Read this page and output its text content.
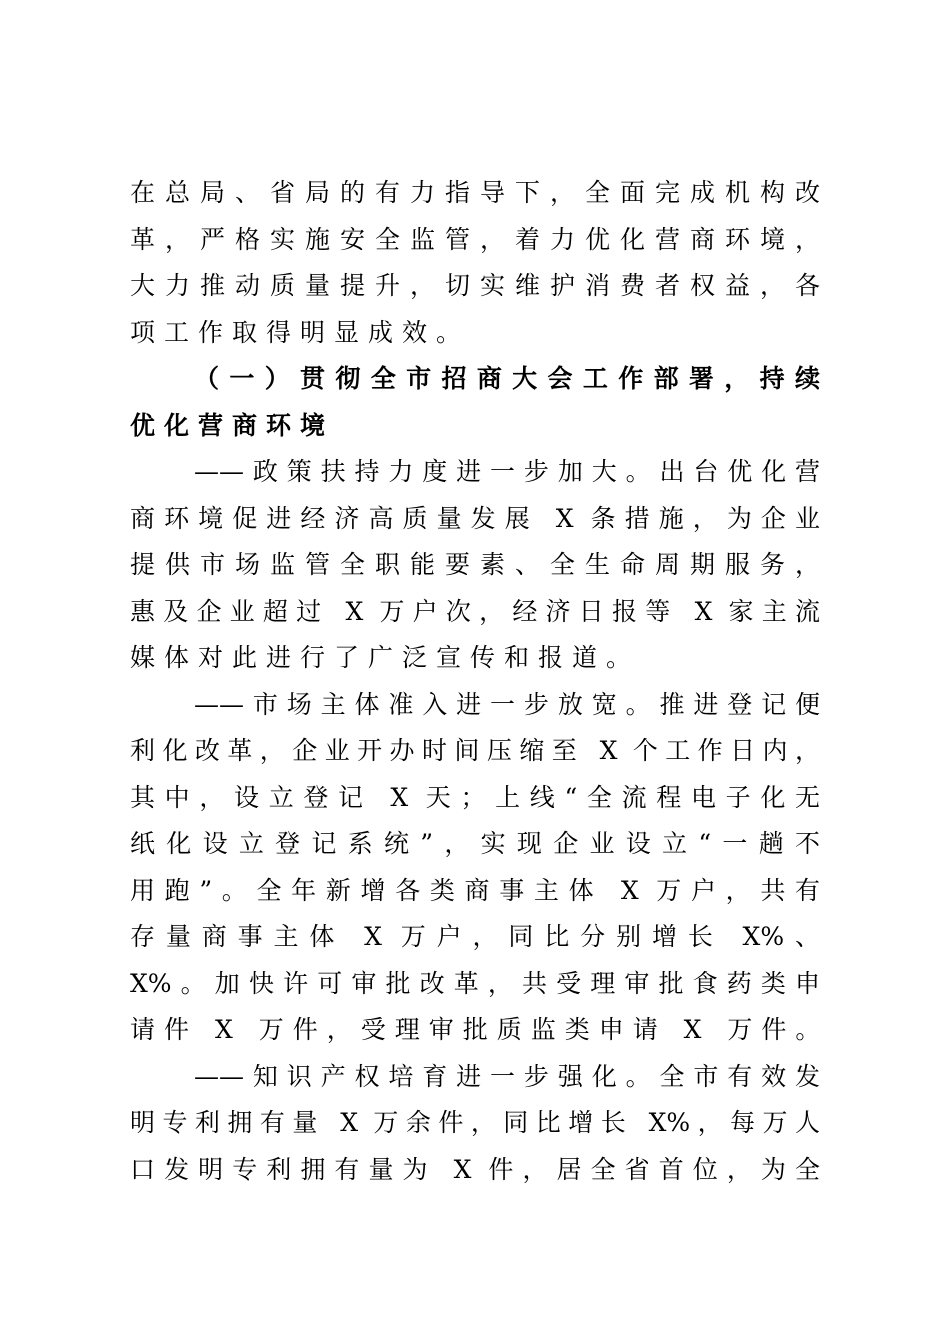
在总局、省局的有力指导下，全面完成机构改
革，严格实施安全监管，着力优化营商环境，
大力推动质量提升，切实维护消费者权益，各
项工作取得明显成效。
（一）贯彻全市招商大会工作部署，持续
优化营商环境
——政策扶持力度进一步加大。出台优化营
商环境促进经济高质量发展 X 条措施，为企业
提供市场监管全职能要素、全生命周期服务，
惠及企业超过 X 万户次，经济日报等 X 家主流
媒体对此进行了广泛宣传和报道。
——市场主体准入进一步放宽。推进登记便
利化改革，企业开办时间压缩至 X 个工作日内，
其中，设立登记 X 天；上线“全流程电子化无
纸化设立登记系统”，实现企业设立“一趟不
用跑”。全年新增各类商事主体 X 万户，共有
存量商事主体 X 万户，同比分别增长 X%、
X%。加快许可审批改革，共受理审批食药类申
请件 X 万件，受理审批质监类申请 X 万件。
——知识产权培育进一步强化。全市有效发
明专利拥有量 X 万余件，同比增长 X%，每万人
口发明专利拥有量为 X 件，居全省首位，为全
